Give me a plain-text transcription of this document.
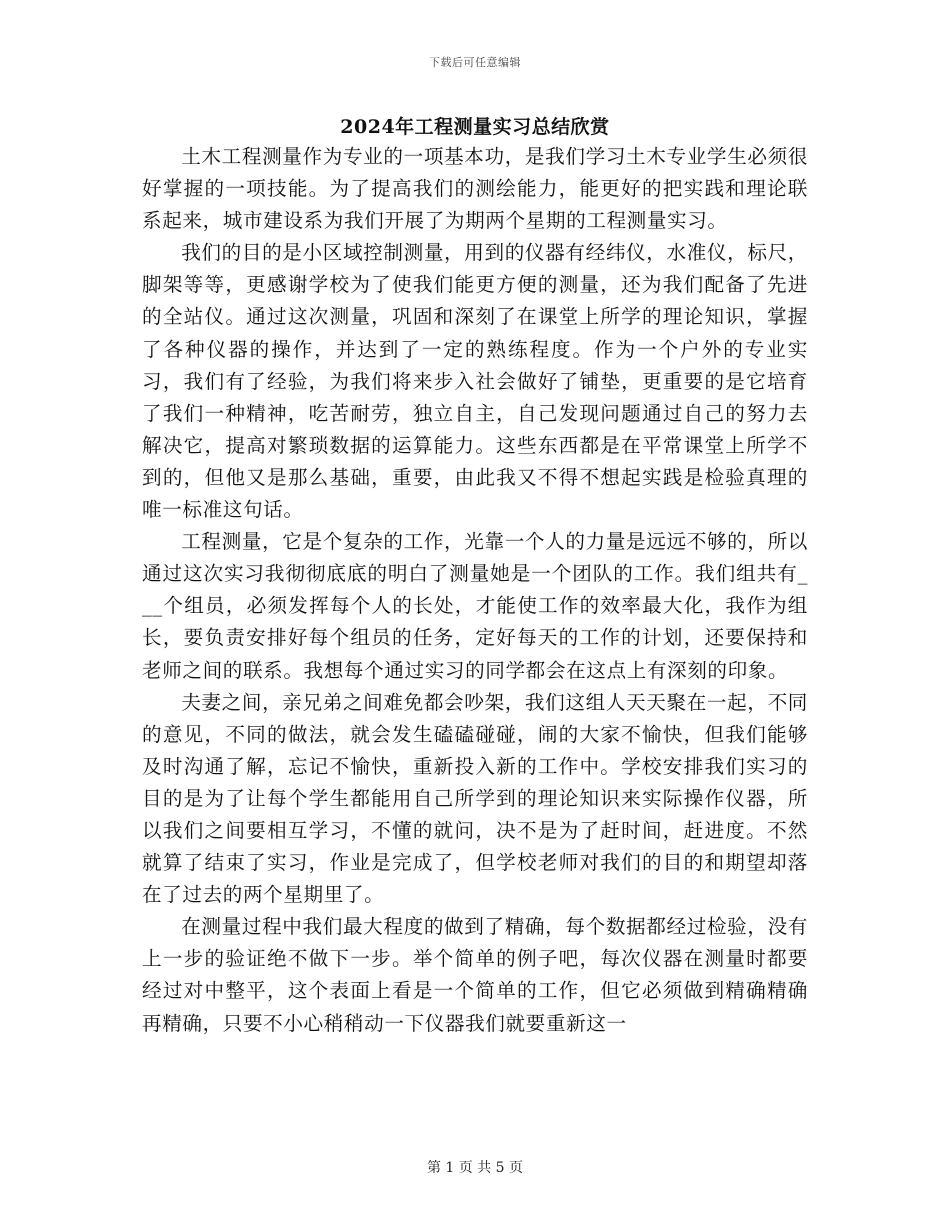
下载后可任意编辑
2024年工程测量实习总结欣赏

土木工程测量作为专业的一项基本功，是我们学习土木专业学生必须很好掌握的一项技能。为了提高我们的测绘能力，能更好的把实践和理论联系起来，城市建设系为我们开展了为期两个星期的工程测量实习。

我们的目的是小区域控制测量，用到的仪器有经纬仪，水准仪，标尺，脚架等等，更感谢学校为了使我们能更方便的测量，还为我们配备了先进的全站仪。通过这次测量，巩固和深刻了在课堂上所学的理论知识，掌握了各种仪器的操作，并达到了一定的熟练程度。作为一个户外的专业实习，我们有了经验，为我们将来步入社会做好了铺垫，更重要的是它培育了我们一种精神，吃苦耐劳，独立自主，自己发现问题通过自己的努力去解决它，提高对繁琐数据的运算能力。这些东西都是在平常课堂上所学不到的，但他又是那么基础，重要，由此我又不得不想起实践是检验真理的唯一标准这句话。

工程测量，它是个复杂的工作，光靠一个人的力量是远远不够的，所以通过这次实习我彻彻底底的明白了测量她是一个团队的工作。我们组共有___个组员，必须发挥每个人的长处，才能使工作的效率最大化，我作为组长，要负责安排好每个组员的任务，定好每天的工作的计划，还要保持和老师之间的联系。我想每个通过实习的同学都会在这点上有深刻的印象。

夫妻之间，亲兄弟之间难免都会吵架，我们这组人天天聚在一起，不同的意见，不同的做法，就会发生磕磕碰碰，闹的大家不愉快，但我们能够及时沟通了解，忘记不愉快，重新投入新的工作中。学校安排我们实习的目的是为了让每个学生都能用自己所学到的理论知识来实际操作仪器，所以我们之间要相互学习，不懂的就问，决不是为了赶时间，赶进度。不然就算了结束了实习，作业是完成了，但学校老师对我们的目的和期望却落在了过去的两个星期里了。

在测量过程中我们最大程度的做到了精确，每个数据都经过检验，没有上一步的验证绝不做下一步。举个简单的例子吧，每次仪器在测量时都要经过对中整平，这个表面上看是一个简单的工作，但它必须做到精确精确再精确，只要不小心稍稍动一下仪器我们就要重新这一

第 1 页 共 5 页
